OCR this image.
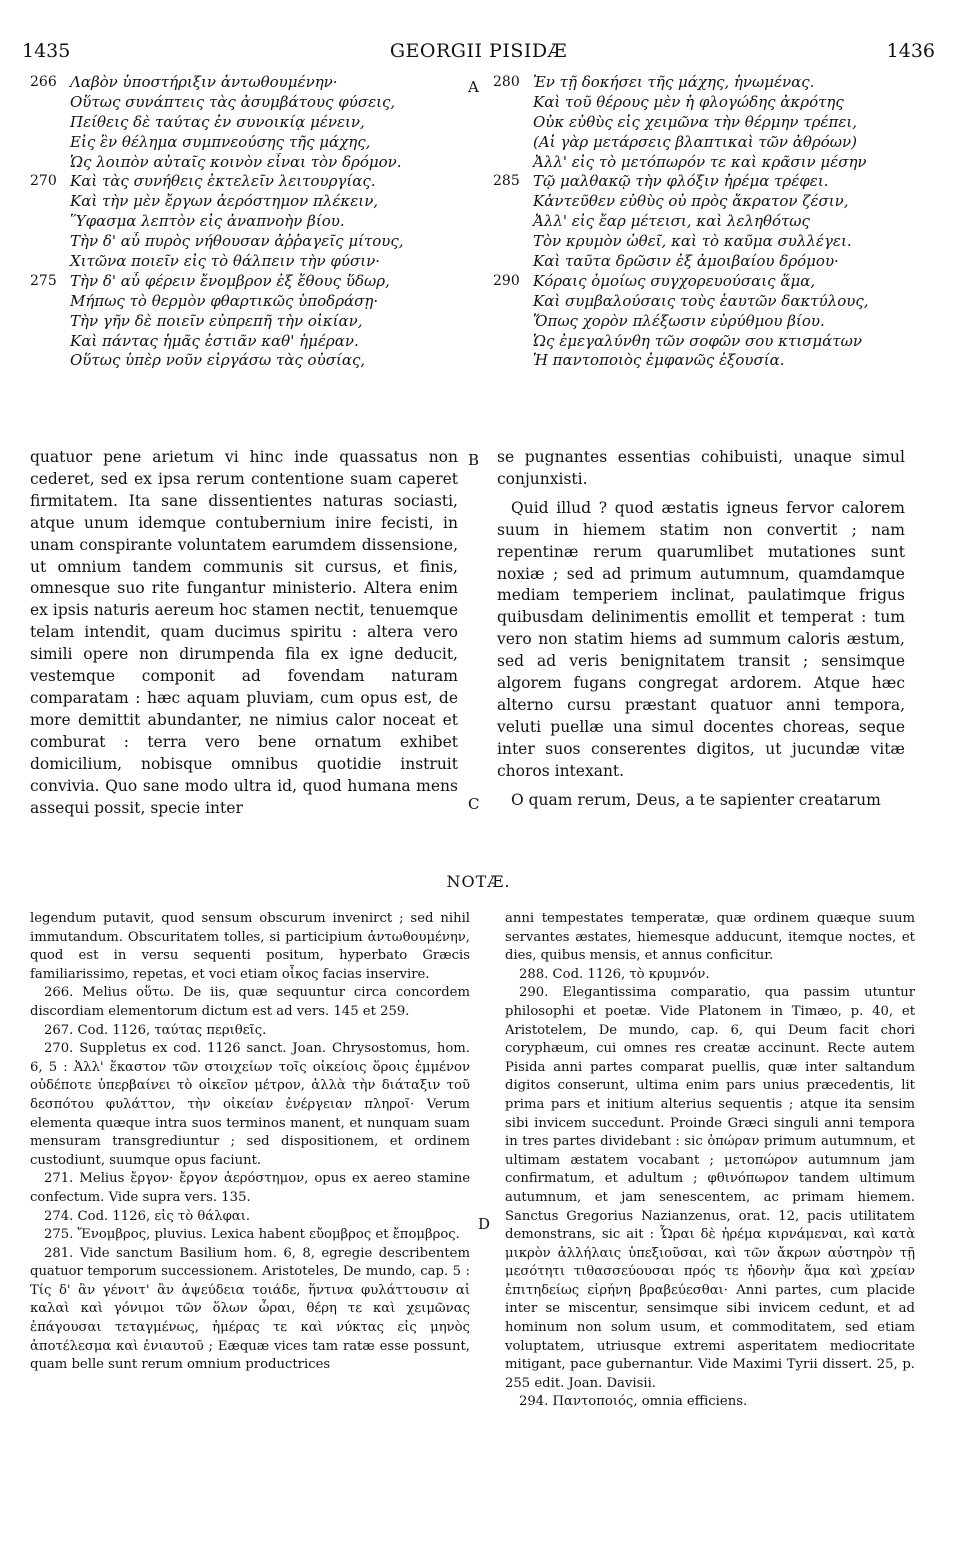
1435	GEORGII PISIDÆ	1436
266 Λαβὸν ὑποστήριξιν ἀντωθουμένην·
Οὕτως συνάπτεις τὰς ἀσυμβάτους φύσεις,
Πείθεις δὲ ταύτας ἐν συνοικίᾳ μένειν,
Εἰς ἓν θέλημα συμπνεούσης τῆς μάχης,
Ὡς λοιπὸν αὐταῖς κοινὸν εἶναι τὸν δρόμον.
270 Καὶ τὰς συνήθεις ἐκτελεῖν λειτουργίας.
Καὶ τὴν μὲν ἔργων ἀερόστημον πλέκειν,
Ὕφασμα λεπτὸν εἰς ἀναπνοὴν βίου.
Τὴν δ' αὖ πυρὸς νήθουσαν ἀῤῥαγεῖς μίτους,
Χιτῶνα ποιεῖν εἰς τὸ θάλπειν τὴν φύσιν·
275 Τὴν δ' αὖ φέρειν ἔνομβρον ἐξ ἔθους ὕδωρ,
Μήπως τὸ θερμὸν φθαρτικῶς ὑποδράσῃ·
Τὴν γῆν δὲ ποιεῖν εὐπρεπῆ τὴν οἰκίαν,
Καὶ πάντας ἡμᾶς ἑστιᾶν καθ' ἡμέραν.
Οὕτως ὑπὲρ νοῦν εἰργάσω τὰς οὐσίας,
280 Ἐν τῇ δοκήσει τῆς μάχης, ἡνωμένας.
Καὶ τοῦ θέρους μὲν ἡ φλογώδης ἀκρότης
Οὐκ εὐθὺς εἰς χειμῶνα τὴν θέρμην τρέπει,
(Αἱ γὰρ μετάρσεις βλαπτικαὶ τῶν ἀθρόων)
Ἀλλ' εἰς τὸ μετόπωρόν τε καὶ κρᾶσιν μέσην
285 Τῷ μαλθακῷ τὴν φλόξιν ἠρέμα τρέφει.
Κἀντεῦθεν εὐθὺς οὐ πρὸς ἄκρατον ζέσιν,
Ἀλλ' εἰς ἔαρ μέτεισι, καὶ λεληθότως
Τὸν κρυμὸν ὠθεῖ, καὶ τὸ καῦμα συλλέγει.
Καὶ ταῦτα δρῶσιν ἐξ ἀμοιβαίου δρόμου·
290 Κόραις ὁμοίως συγχορευούσαις ἅμα,
Καὶ συμβαλούσαις τοὺς ἑαυτῶν δακτύλους,
Ὅπως χορὸν πλέξωσιν εὐρύθμου βίου.
Ὡς ἐμεγαλύνθη τῶν σοφῶν σου κτισμάτων
Ἡ παντοποιὸς ἐμφανῶς ἐξουσία.
A
B
C
D

quatuor pene arietum vi hinc inde quassatus non cederet, sed ex ipsa rerum contentione suam caperet firmitatem. Ita sane dissentientes naturas sociasti, atque unum idemque contubernium inire fecisti, in unam conspirante voluntatem earumdem dissensione, ut omnium tandem communis sit cursus, et finis, omnesque suo rite fungantur ministerio. Altera enim ex ipsis naturis aereum hoc stamen nectit, tenuemque telam intendit, quam ducimus spiritu : altera vero simili opere non dirumpenda fila ex igne deducit, vestemque componit ad fovendam naturam comparatam : hæc aquam pluviam, cum opus est, de more demittit abundanter, ne nimius calor noceat et comburat : terra vero bene ornatum exhibet domicilium, nobisque omnibus quotidie instruit convivia. Quo sane modo ultra id, quod humana mens assequi possit, specie inter

se pugnantes essentias cohibuisti, unaque simul conjunxisti.

Quid illud ? quod æstatis igneus fervor calorem suum in hiemem statim non convertit ; nam repentinæ rerum quarumlibet mutationes sunt noxiæ ; sed ad primum autumnum, quamdamque mediam temperiem inclinat, paulatimque frigus quibusdam delinimentis emollit et temperat : tum vero non statim hiems ad summum caloris æstum, sed ad veris benignitatem transit ; sensimque algorem fugans congregat ardorem. Atque hæc alterno cursu præstant quatuor anni tempora, veluti puellæ una simul docentes choreas, seque inter suos conserentes digitos, ut jucundæ vitæ choros intexant.

O quam rerum, Deus, a te sapienter creatarum

NOTÆ.

legendum putavit, quod sensum obscurum invenirct ; sed nihil immutandum. Obscuritatem tolles, si participium ἀντωθουμένην, quod est in versu sequenti positum, hyperbato Græcis familiarissimo, repetas, et voci etiam οἶκος facias inservire.

266. Melius οὕτω. De iis, quæ sequuntur circa concordem discordiam elementorum dictum est ad vers. 145 et 259.

267. Cod. 1126, ταύτας περιθεῖς.

270. Suppletus ex cod. 1126 sanct. Joan. Chrysostomus, hom. 6, 5 : Ἀλλ' ἕκαστον τῶν στοιχείων τοῖς οἰκείοις ὅροις ἐμμένον οὐδέποτε ὑπερβαίνει τὸ οἰκεῖον μέτρον, ἀλλὰ τὴν διάταξιν τοῦ δεσπότου φυλάττον, τὴν οἰκείαν ἐνέργειαν πληροῖ· Verum elementa quæque intra suos terminos manent, et nunquam suam mensuram transgrediuntur ; sed dispositionem, et ordinem custodiunt, suumque opus faciunt.

271. Melius ἔργον· ἔργον ἀερόστημον, opus ex aereo stamine confectum. Vide supra vers. 135.

274. Cod. 1126, εἰς τὸ θάλφαι.

275. Ἔνομβρος, pluvius. Lexica habent εὔομβρος et ἔπομβρος.

281. Vide sanctum Basilium hom. 6, 8, egregie describentem quatuor temporum successionem. Aristoteles, De mundo, cap. 5 : Τίς δ' ἂν γένοιτ' ἂν ἀψεύδεια τοιάδε, ἥντινα φυλάττουσιν αἱ καλαὶ καὶ γόνιμοι τῶν ὅλων ὧραι, θέρη τε καὶ χειμῶνας ἐπάγουσαι τεταγμένως, ἡμέρας τε καὶ νύκτας εἰς μηνὸς ἀποτέλεσμα καὶ ἐνιαυτοῦ ; Eæquæ vices tam ratæ esse possunt, quam belle sunt rerum omnium productrices

anni tempestates temperatæ, quæ ordinem quæque suum servantes æstates, hiemesque adducunt, itemque noctes, et dies, quibus mensis, et annus conficitur.

288. Cod. 1126, τὸ κρυμνόν.

290. Elegantissima comparatio, qua passim utuntur philosophi et poetæ. Vide Platonem in Timæo, p. 40, et Aristotelem, De mundo, cap. 6, qui Deum facit chori coryphæum, cui omnes res creatæ accinunt. Recte autem Pisida anni partes comparat puellis, quæ inter saltandum digitos conserunt, ultima enim pars unius præcedentis, lit prima pars et initium alterius sequentis ; atque ita sensim sibi invicem succedunt. Proinde Græci singuli anni tempora in tres partes dividebant : sic ὀπώραν primum autumnum, et ultimam æstatem vocabant ; μετοπώρον autumnum jam confirmatum, et adultum ; φθινόπωρον tandem ultimum autumnum, et jam senescentem, ac primam hiemem. Sanctus Gregorius Nazianzenus, orat. 12, pacis utilitatem demonstrans, sic ait : Ὧραι δὲ ἠρέμα κιρνάμεναι, καὶ κατὰ μικρὸν ἀλλήλαις ὑπεξιοῦσαι, καὶ τῶν ἄκρων αὐστηρὸν τῇ μεσότητι τιθασσεύουσαι πρός τε ἡδονὴν ἅμα καὶ χρείαν ἐπιτηδείως εἰρήνη βραβεύεσθαι· Anni partes, cum placide inter se miscentur, sensimque sibi invicem cedunt, et ad hominum non solum usum, et commoditatem, sed etiam voluptatem, utriusque extremi asperitatem mediocritate mitigant, pace gubernantur. Vide Maximi Tyrii dissert. 25, p. 255 edit. Joan. Davisii.

294. Παντοποιός, omnia efficiens.
